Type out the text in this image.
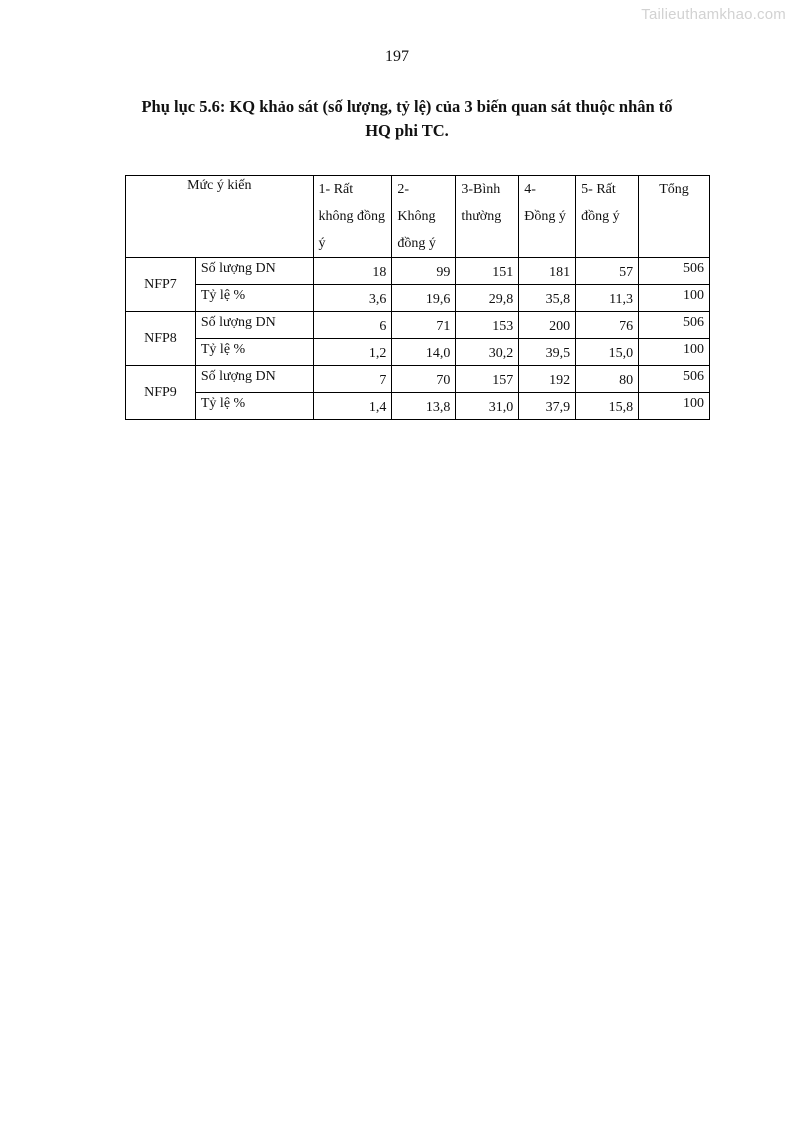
Tailieuthamkhao.com
197
Phụ lục 5.6: KQ khảo sát (số lượng, tỷ lệ) của 3 biến quan sát thuộc nhân tố
HQ phi TC.
Mức ý kiến		1- Rất không đồng ý	2- Không đồng ý	3-Bình thường	4- Đồng ý	5- Rất đồng ý	Tổng
NFP7	Số lượng DN	18	99	151	181	57	506
	Tỷ lệ %	3,6	19,6	29,8	35,8	11,3	100
NFP8	Số lượng DN	6	71	153	200	76	506
	Tỷ lệ %	1,2	14,0	30,2	39,5	15,0	100
NFP9	Số lượng DN	7	70	157	192	80	506
	Tỷ lệ %	1,4	13,8	31,0	37,9	15,8	100
